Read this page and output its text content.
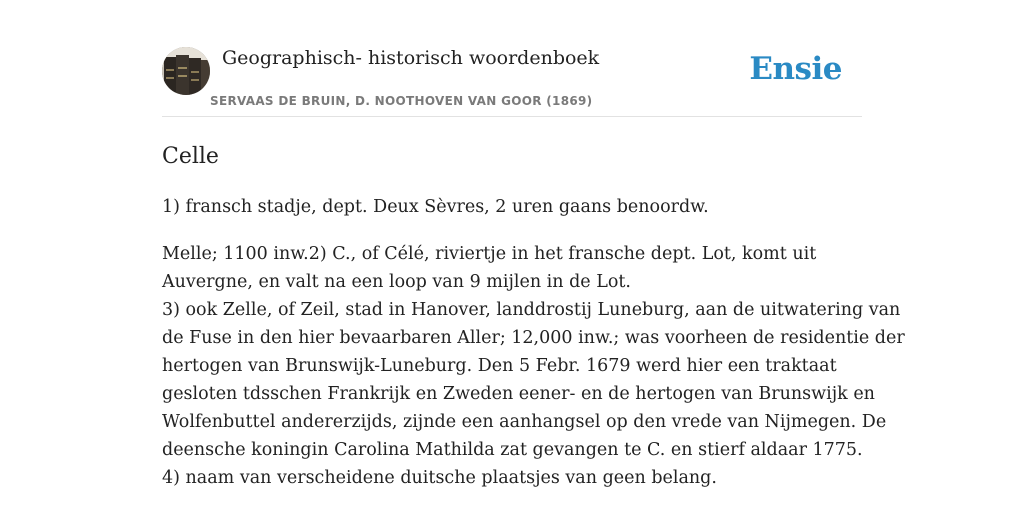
Geographisch- historisch woordenboek
SERVAAS DE BRUIN, D. NOOTHOVEN VAN GOOR (1869)
Ensie
Celle

1) fransch stadje, dept. Deux Sèvres, 2 uren gaans benoordw.

Melle; 1100 inw.2) C., of Célé, riviertje in het fransche dept. Lot, komt uit
Auvergne, en valt na een loop van 9 mijlen in de Lot.
3) ook Zelle, of Zeil, stad in Hanover, landdrostij Luneburg, aan de uitwatering van
de Fuse in den hier bevaarbaren Aller; 12,000 inw.; was voorheen de residentie der
hertogen van Brunswijk-Luneburg. Den 5 Febr. 1679 werd hier een traktaat
gesloten tdsschen Frankrijk en Zweden eener- en de hertogen van Brunswijk en
Wolfenbuttel andererzijds, zijnde een aanhangsel op den vrede van Nijmegen. De
deensche koningin Carolina Mathilda zat gevangen te C. en stierf aldaar 1775.
4) naam van verscheidene duitsche plaatsjes van geen belang.
